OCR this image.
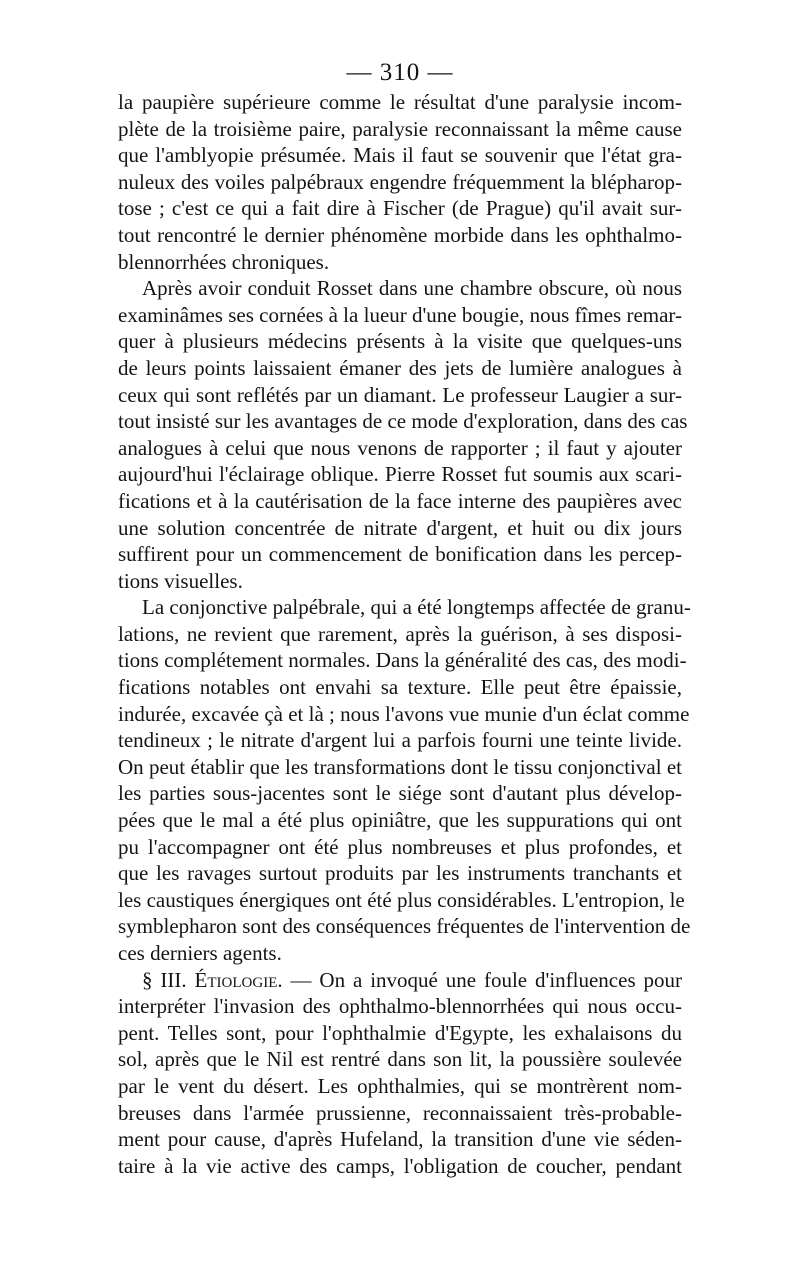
— 310 —
la paupière supérieure comme le résultat d'une paralysie incom-
plète de la troisième paire, paralysie reconnaissant la même cause
que l'amblyopie présumée. Mais il faut se souvenir que l'état gra-
nuleux des voiles palpébraux engendre fréquemment la blépharop-
tose ; c'est ce qui a fait dire à Fischer (de Prague) qu'il avait sur-
tout rencontré le dernier phénomène morbide dans les ophthalmo-
blennorrhées chroniques.
Après avoir conduit Rosset dans une chambre obscure, où nous
examinâmes ses cornées à la lueur d'une bougie, nous fîmes remar-
quer à plusieurs médecins présents à la visite que quelques-uns
de leurs points laissaient émaner des jets de lumière analogues à
ceux qui sont reflétés par un diamant. Le professeur Laugier a sur-
tout insisté sur les avantages de ce mode d'exploration, dans des cas
analogues à celui que nous venons de rapporter ; il faut y ajouter
aujourd'hui l'éclairage oblique. Pierre Rosset fut soumis aux scari-
fications et à la cautérisation de la face interne des paupières avec
une solution concentrée de nitrate d'argent, et huit ou dix jours
suffirent pour un commencement de bonification dans les percep-
tions visuelles.
La conjonctive palpébrale, qui a été longtemps affectée de granu-
lations, ne revient que rarement, après la guérison, à ses disposi-
tions complétement normales. Dans la généralité des cas, des modi-
fications notables ont envahi sa texture. Elle peut être épaissie,
indurée, excavée çà et là ; nous l'avons vue munie d'un éclat comme
tendineux ; le nitrate d'argent lui a parfois fourni une teinte livide.
On peut établir que les transformations dont le tissu conjonctival et
les parties sous-jacentes sont le siége sont d'autant plus dévelop-
pées que le mal a été plus opiniâtre, que les suppurations qui ont
pu l'accompagner ont été plus nombreuses et plus profondes, et
que les ravages surtout produits par les instruments tranchants et
les caustiques énergiques ont été plus considérables. L'entropion, le
symblepharon sont des conséquences fréquentes de l'intervention de
ces derniers agents.
§ III. Étiologie. — On a invoqué une foule d'influences pour
interpréter l'invasion des ophthalmo-blennorrhées qui nous occu-
pent. Telles sont, pour l'ophthalmie d'Egypte, les exhalaisons du
sol, après que le Nil est rentré dans son lit, la poussière soulevée
par le vent du désert. Les ophthalmies, qui se montrèrent nom-
breuses dans l'armée prussienne, reconnaissaient très-probable-
ment pour cause, d'après Hufeland, la transition d'une vie séden-
taire à la vie active des camps, l'obligation de coucher, pendant
